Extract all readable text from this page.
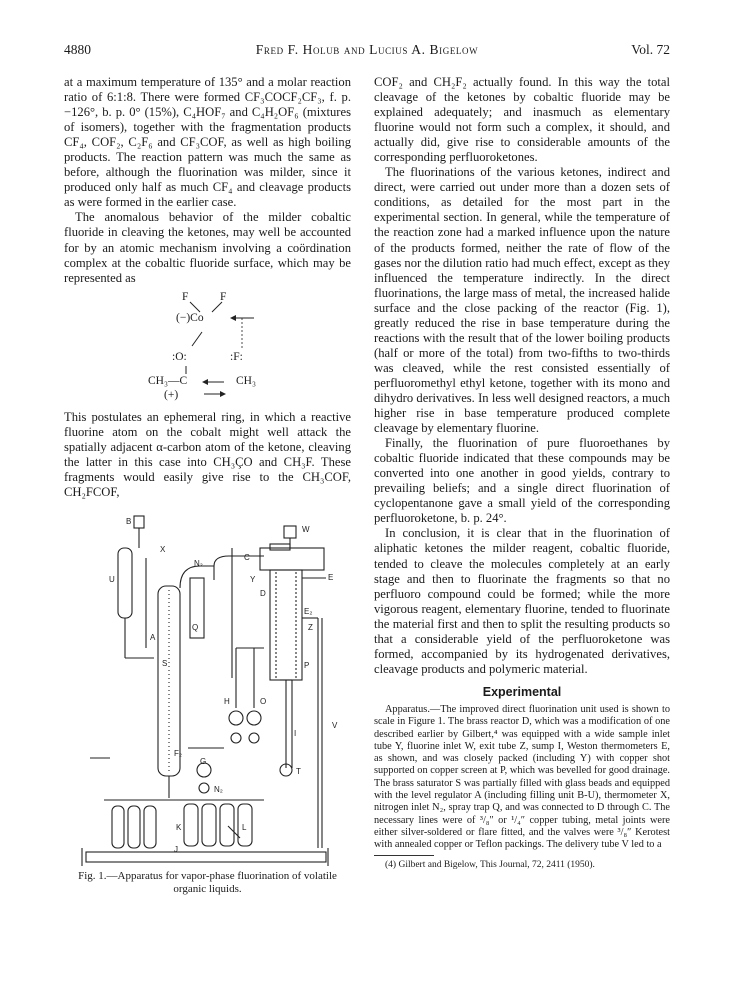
4880	Fred F. Holub and Lucius A. Bigelow	Vol. 72

at a maximum temperature of 135° and a molar reaction ratio of 6:1:8. There were formed CF₃COCF₂CF₃, f. p. −126°, b. p. 0° (15%), C₄HOF₇ and C₄H₂OF₆ (mixtures of isomers), together with the fragmentation products CF₄, COF₂, C₂F₆ and CF₃COF, as well as high boiling products. The reaction pattern was much the same as before, although the fluorination was milder, since it produced only half as much CF₄ and cleavage products as were formed in the earlier case.

The anomalous behavior of the milder cobaltic fluoride in cleaving the ketones, may well be accounted for by an atomic mechanism involving a coördination complex at the cobaltic fluoride surface, which may be represented as

F	F
(−)Co
:O:	:F:
CH₃—C	CH₃
(+)

This postulates an ephemeral ring, in which a reactive fluorine atom on the cobalt might well attack the spatially adjacent α-carbon atom of the ketone, cleaving the latter in this case into CH₃ÇO and CH₃F. These fragments would easily give rise to the CH₃COF, CH₂FCOF,

B
U
X
A
S
N₂
Q
C
Y
W
E
D
E₂
Z
P
H	O
F₂
G
N₂
I
V
T
K	L
J
Fig. 1.—Apparatus for vapor-phase fluorination of volatile organic liquids.

COF₂ and CH₂F₂ actually found. In this way the total cleavage of the ketones by cobaltic fluoride may be explained adequately; and inasmuch as elementary fluorine would not form such a complex, it should, and actually did, give rise to considerable amounts of the corresponding perfluoroketones.

The fluorinations of the various ketones, indirect and direct, were carried out under more than a dozen sets of conditions, as detailed for the most part in the experimental section. In general, while the temperature of the reaction zone had a marked influence upon the nature of the products formed, neither the rate of flow of the gases nor the dilution ratio had much effect, except as they influenced the temperature indirectly. In the direct fluorinations, the large mass of metal, the increased halide surface and the close packing of the reactor (Fig. 1), greatly reduced the rise in base temperature during the reactions with the result that of the lower boiling products (half or more of the total) from two-fifths to two-thirds was cleaved, while the rest consisted essentially of perfluoromethyl ethyl ketone, together with its mono and dihydro derivatives. In less well designed reactors, a much higher rise in base temperature produced complete cleavage by elementary fluorine.

Finally, the fluorination of pure fluoroethanes by cobaltic fluoride indicated that these compounds may be converted into one another in good yields, contrary to prevailing beliefs; and a single direct fluorination of cyclopentanone gave a small yield of the corresponding perfluoroketone, b. p. 24°.

In conclusion, it is clear that in the fluorination of aliphatic ketones the milder reagent, cobaltic fluoride, tended to cleave the molecules completely at an early stage and then to fluorinate the fragments so that no perfluoro compound could be formed; while the more vigorous reagent, elementary fluorine, tended to fluorinate the material first and then to split the resulting products so that a considerable yield of the perfluoroketone was formed, accompanied by its hydrogenated derivatives, cleavage products and polymeric material.

Experimental

Apparatus.—The improved direct fluorination unit used is shown to scale in Figure 1. The brass reactor D, which was a modification of one described earlier by Gilbert,⁴ was equipped with a wide sample inlet tube Y, fluorine inlet W, exit tube Z, sump I, Weston thermometers E, as shown, and was closely packed (including Y) with copper shot supported on copper screen at P, which was bevelled for good drainage. The brass saturator S was partially filled with glass beads and equipped with the level regulator A (including filling unit B-U), thermometer X, nitrogen inlet N₂, spray trap Q, and was connected to D through C. The necessary lines were of ³/₈″ or ¹/₄″ copper tubing, metal joints were either silver-soldered or flare fitted, and the valves were ³/₈″ Kerotest with annealed copper or Teflon packings. The delivery tube V led to a

(4) Gilbert and Bigelow, This Journal, 72, 2411 (1950).
